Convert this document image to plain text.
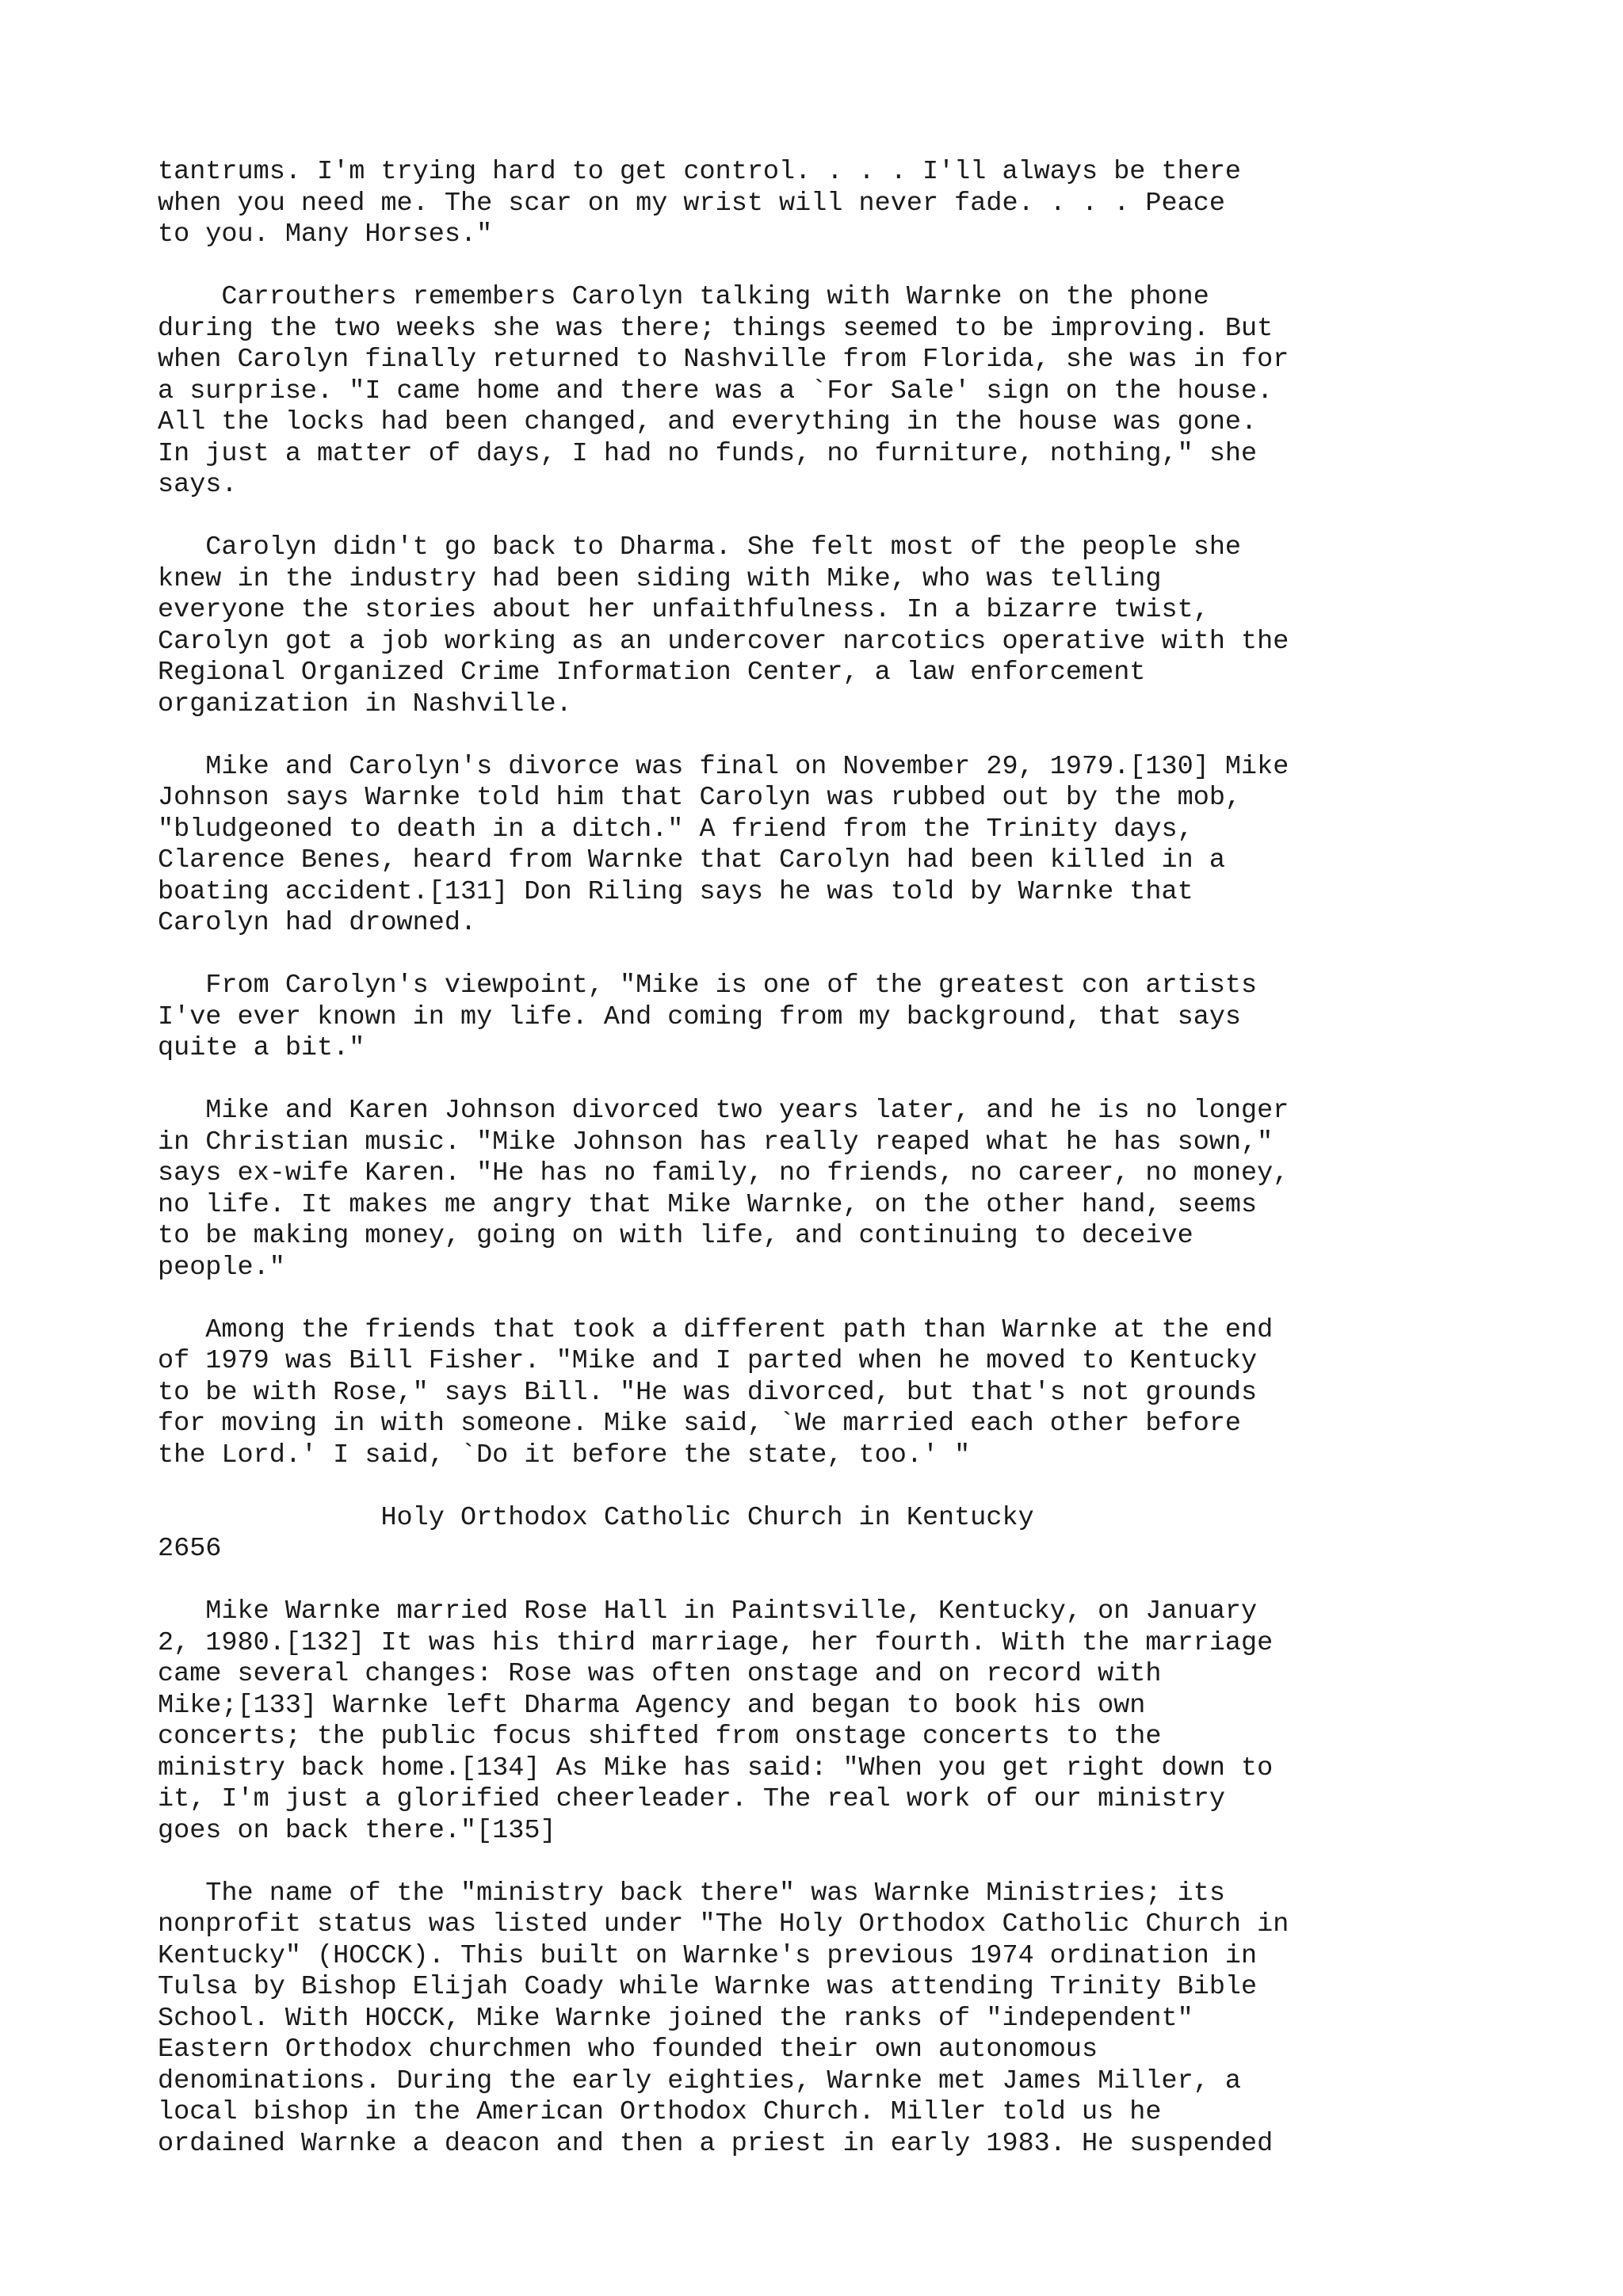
tantrums. I'm trying hard to get control. . . . I'll always be there
when you need me. The scar on my wrist will never fade. . . . Peace
to you. Many Horses."
Carrouthers remembers Carolyn talking with Warnke on the phone
during the two weeks she was there; things seemed to be improving. But
when Carolyn finally returned to Nashville from Florida, she was in for
a surprise. "I came home and there was a `For Sale' sign on the house.
All the locks had been changed, and everything in the house was gone.
In just a matter of days, I had no funds, no furniture, nothing," she
says.
Carolyn didn't go back to Dharma. She felt most of the people she
knew in the industry had been siding with Mike, who was telling
everyone the stories about her unfaithfulness. In a bizarre twist,
Carolyn got a job working as an undercover narcotics operative with the
Regional Organized Crime Information Center, a law enforcement
organization in Nashville.
Mike and Carolyn's divorce was final on November 29, 1979.[130] Mike
Johnson says Warnke told him that Carolyn was rubbed out by the mob,
"bludgeoned to death in a ditch." A friend from the Trinity days,
Clarence Benes, heard from Warnke that Carolyn had been killed in a
boating accident.[131] Don Riling says he was told by Warnke that
Carolyn had drowned.
From Carolyn's viewpoint, "Mike is one of the greatest con artists
I've ever known in my life. And coming from my background, that says
quite a bit."
Mike and Karen Johnson divorced two years later, and he is no longer
in Christian music. "Mike Johnson has really reaped what he has sown,"
says ex-wife Karen. "He has no family, no friends, no career, no money,
no life. It makes me angry that Mike Warnke, on the other hand, seems
to be making money, going on with life, and continuing to deceive
people."
Among the friends that took a different path than Warnke at the end
of 1979 was Bill Fisher. "Mike and I parted when he moved to Kentucky
to be with Rose," says Bill. "He was divorced, but that's not grounds
for moving in with someone. Mike said, `We married each other before
the Lord.' I said, `Do it before the state, too.' "
Holy Orthodox Catholic Church in Kentucky
2656
Mike Warnke married Rose Hall in Paintsville, Kentucky, on January
2, 1980.[132] It was his third marriage, her fourth. With the marriage
came several changes: Rose was often onstage and on record with
Mike;[133] Warnke left Dharma Agency and began to book his own
concerts; the public focus shifted from onstage concerts to the
ministry back home.[134] As Mike has said: "When you get right down to
it, I'm just a glorified cheerleader. The real work of our ministry
goes on back there."[135]
The name of the "ministry back there" was Warnke Ministries; its
nonprofit status was listed under "The Holy Orthodox Catholic Church in
Kentucky" (HOCCK). This built on Warnke's previous 1974 ordination in
Tulsa by Bishop Elijah Coady while Warnke was attending Trinity Bible
School. With HOCCK, Mike Warnke joined the ranks of "independent"
Eastern Orthodox churchmen who founded their own autonomous
denominations. During the early eighties, Warnke met James Miller, a
local bishop in the American Orthodox Church. Miller told us he
ordained Warnke a deacon and then a priest in early 1983. He suspended
